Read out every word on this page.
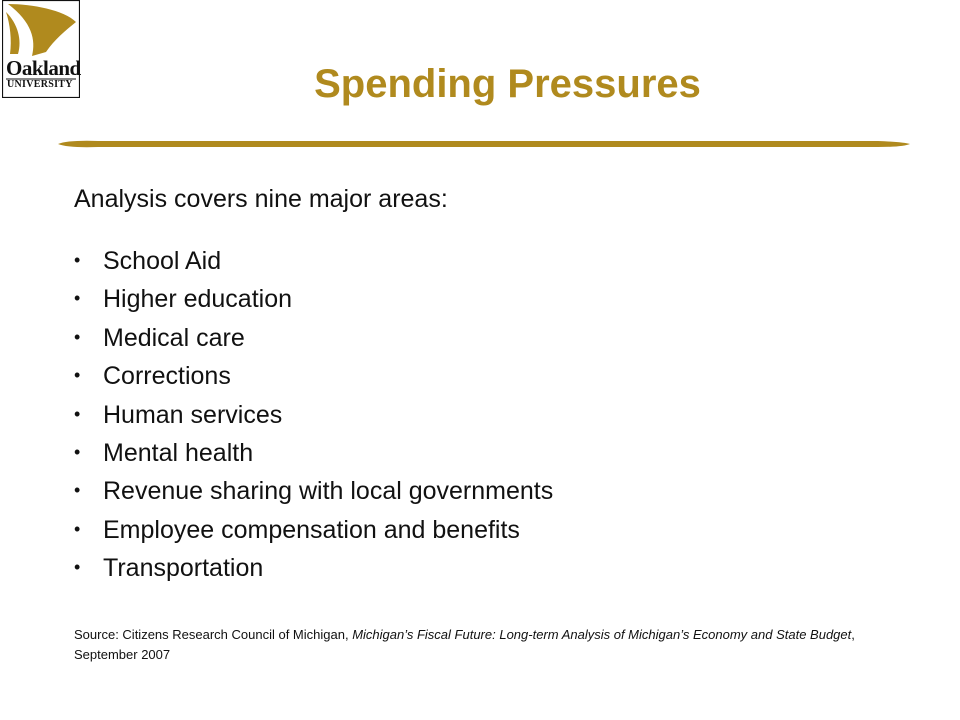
Oakland
UNIVERSITY	Spending Pressures
Analysis covers nine major areas:
• School Aid
• Higher education
• Medical care
• Corrections
• Human services
• Mental health
• Revenue sharing with local governments
• Employee compensation and benefits
• Transportation
Source: Citizens Research Council of Michigan, Michigan’s Fiscal Future: Long-term Analysis of Michigan’s Economy and State Budget, September 2007
